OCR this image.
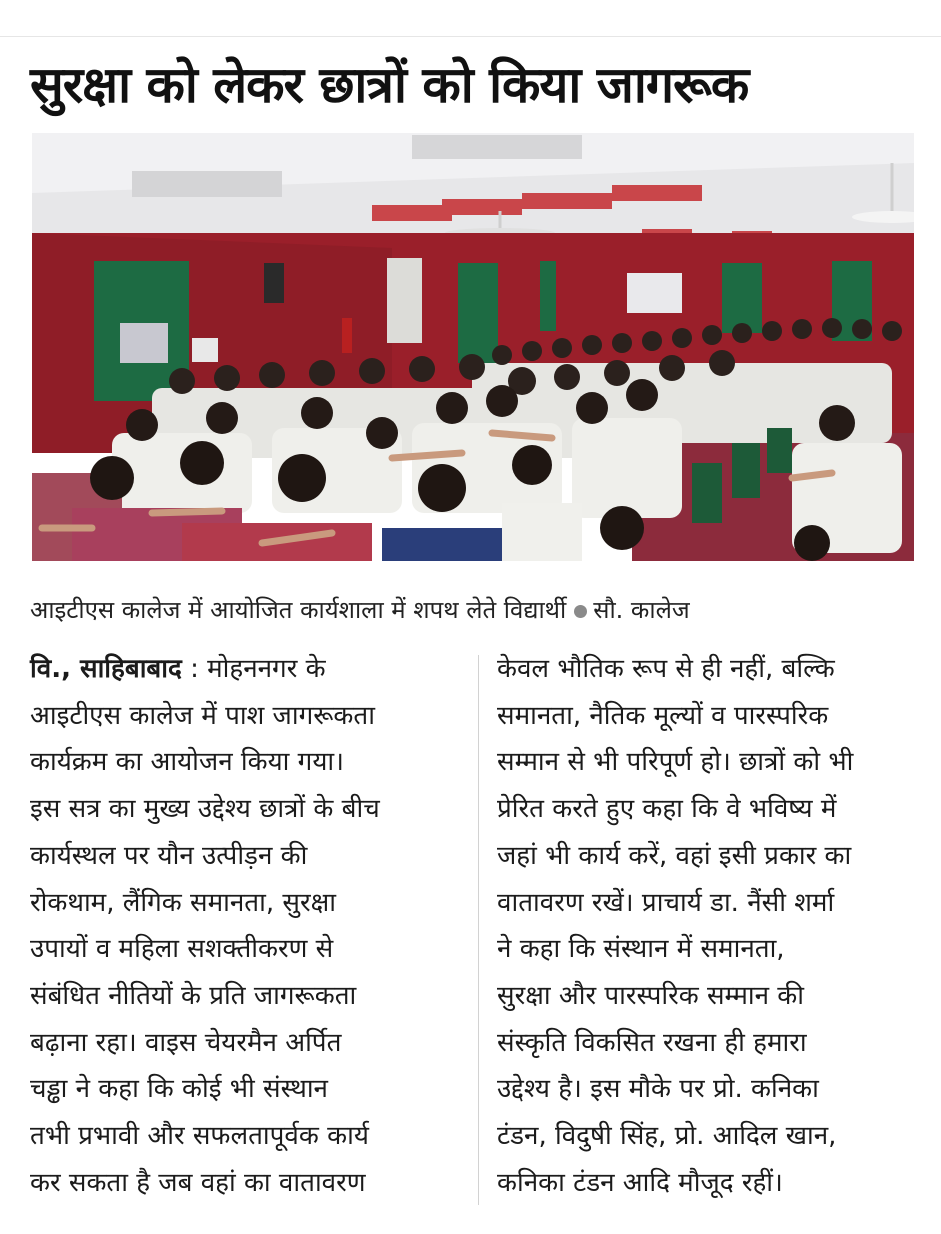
सुरक्षा को लेकर छात्रों को किया जागरूक
आइटीएस कालेज में आयोजित कार्यशाला में शपथ लेते विद्यार्थी सौ. कालेज
वि., साहिबाबाद : मोहननगर के
आइटीएस कालेज में पाश जागरूकता
कार्यक्रम का आयोजन किया गया।
इस सत्र का मुख्य उद्देश्य छात्रों के बीच
कार्यस्थल पर यौन उत्पीड़न की
रोकथाम, लैंगिक समानता, सुरक्षा
उपायों व महिला सशक्तीकरण से
संबंधित नीतियों के प्रति जागरूकता
बढ़ाना रहा। वाइस चेयरमैन अर्पित
चड्ढा ने कहा कि कोई भी संस्थान
तभी प्रभावी और सफलतापूर्वक कार्य
कर सकता है जब वहां का वातावरण
केवल भौतिक रूप से ही नहीं, बल्कि
समानता, नैतिक मूल्यों व पारस्परिक
सम्मान से भी परिपूर्ण हो। छात्रों को भी
प्रेरित करते हुए कहा कि वे भविष्य में
जहां भी कार्य करें, वहां इसी प्रकार का
वातावरण रखें। प्राचार्य डा. नैंसी शर्मा
ने कहा कि संस्थान में समानता,
सुरक्षा और पारस्परिक सम्मान की
संस्कृति विकसित रखना ही हमारा
उद्देश्य है। इस मौके पर प्रो. कनिका
टंडन, विदुषी सिंह, प्रो. आदिल खान,
कनिका टंडन आदि मौजूद रहीं।
